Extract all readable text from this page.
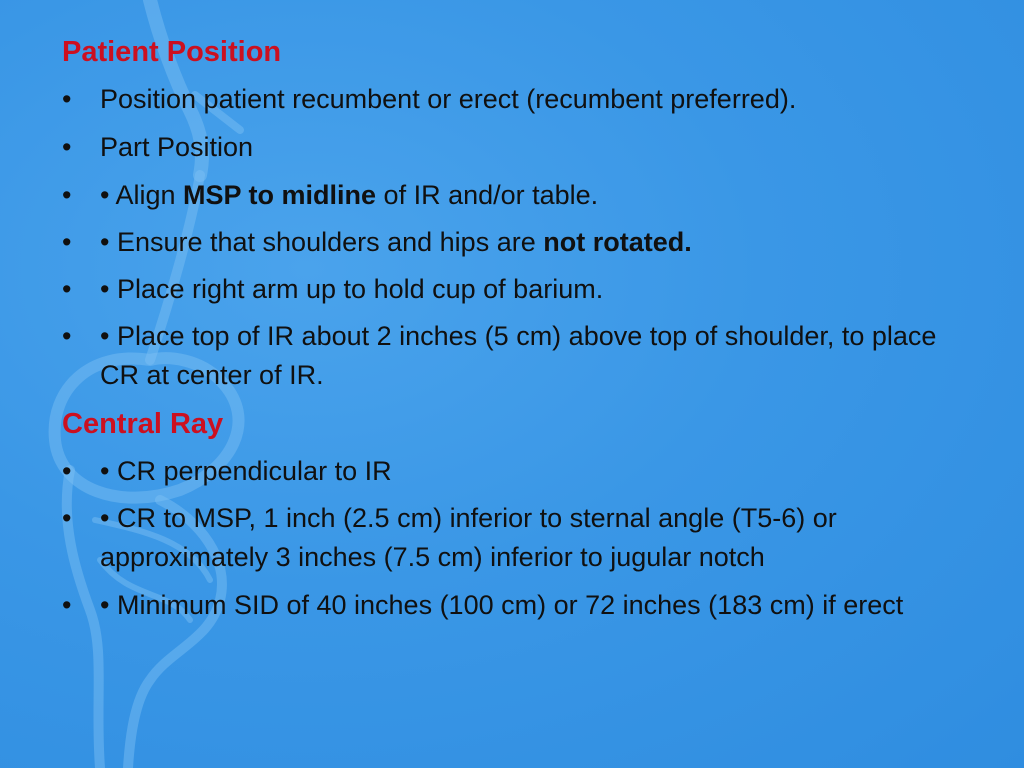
Patient Position
• Position patient recumbent or erect (recumbent preferred).
• Part Position
• • Align MSP to midline of IR and/or table.
• • Ensure that shoulders and hips are not rotated.
• • Place right arm up to hold cup of barium.
• • Place top of IR about 2 inches (5 cm) above top of shoulder, to place CR at center of IR.
Central Ray
• • CR perpendicular to IR
• • CR to MSP, 1 inch (2.5 cm) inferior to sternal angle (T5-6) or approximately 3 inches (7.5 cm) inferior to jugular notch
• • Minimum SID of 40 inches (100 cm) or 72 inches (183 cm) if erect
